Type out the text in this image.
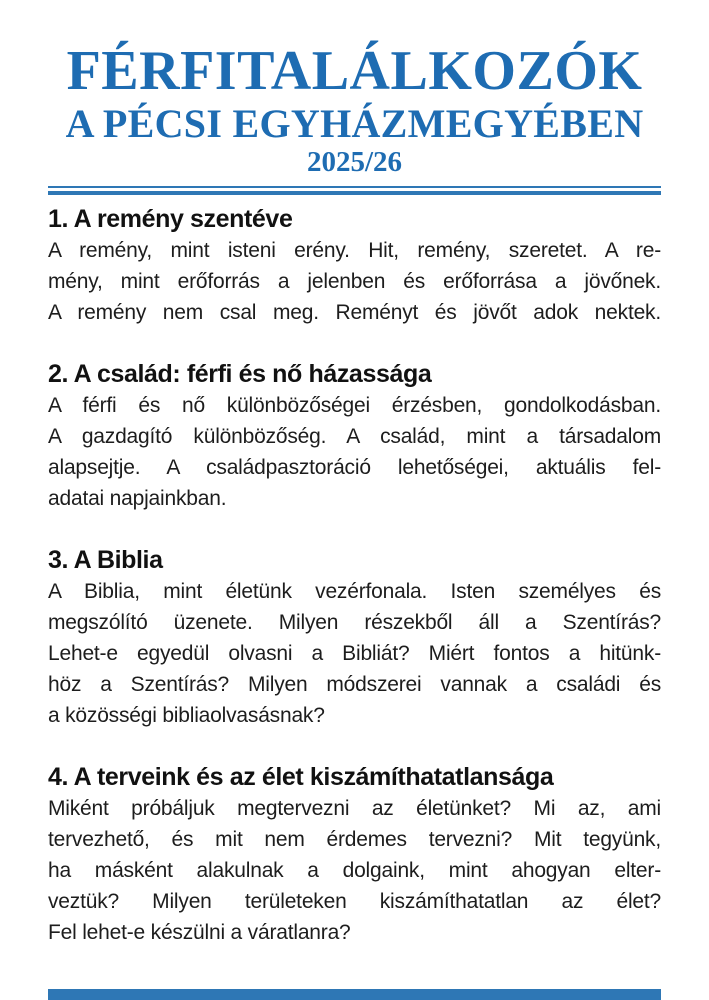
FÉRFITALÁLKOZÓK
A PÉCSI EGYHÁZMEGYÉBEN
2025/26
1. A remény szentéve
A remény, mint isteni erény. Hit, remény, szeretet. A re-
mény, mint erőforrás a jelenben és erőforrása a jövőnek.
A remény nem csal meg. Reményt és jövőt adok nektek.
2. A család: férfi és nő házassága
A férfi és nő különbözőségei érzésben, gondolkodásban.
A gazdagító különbözőség. A család, mint a társadalom
alapsejtje. A családpasztoráció lehetőségei, aktuális fel-
adatai napjainkban.
3. A Biblia
A Biblia, mint életünk vezérfonala. Isten személyes és
megszólító üzenete. Milyen részekből áll a Szentírás?
Lehet-e egyedül olvasni a Bibliát? Miért fontos a hitünk-
höz a Szentírás? Milyen módszerei vannak a családi és
a közösségi bibliaolvasásnak?
4. A terveink és az élet kiszámíthatatlansága
Miként próbáljuk megtervezni az életünket? Mi az, ami
tervezhető, és mit nem érdemes tervezni? Mit tegyünk,
ha másként alakulnak a dolgaink, mint ahogyan elter-
veztük? Milyen területeken kiszámíthatatlan az élet?
Fel lehet-e készülni a váratlanra?
